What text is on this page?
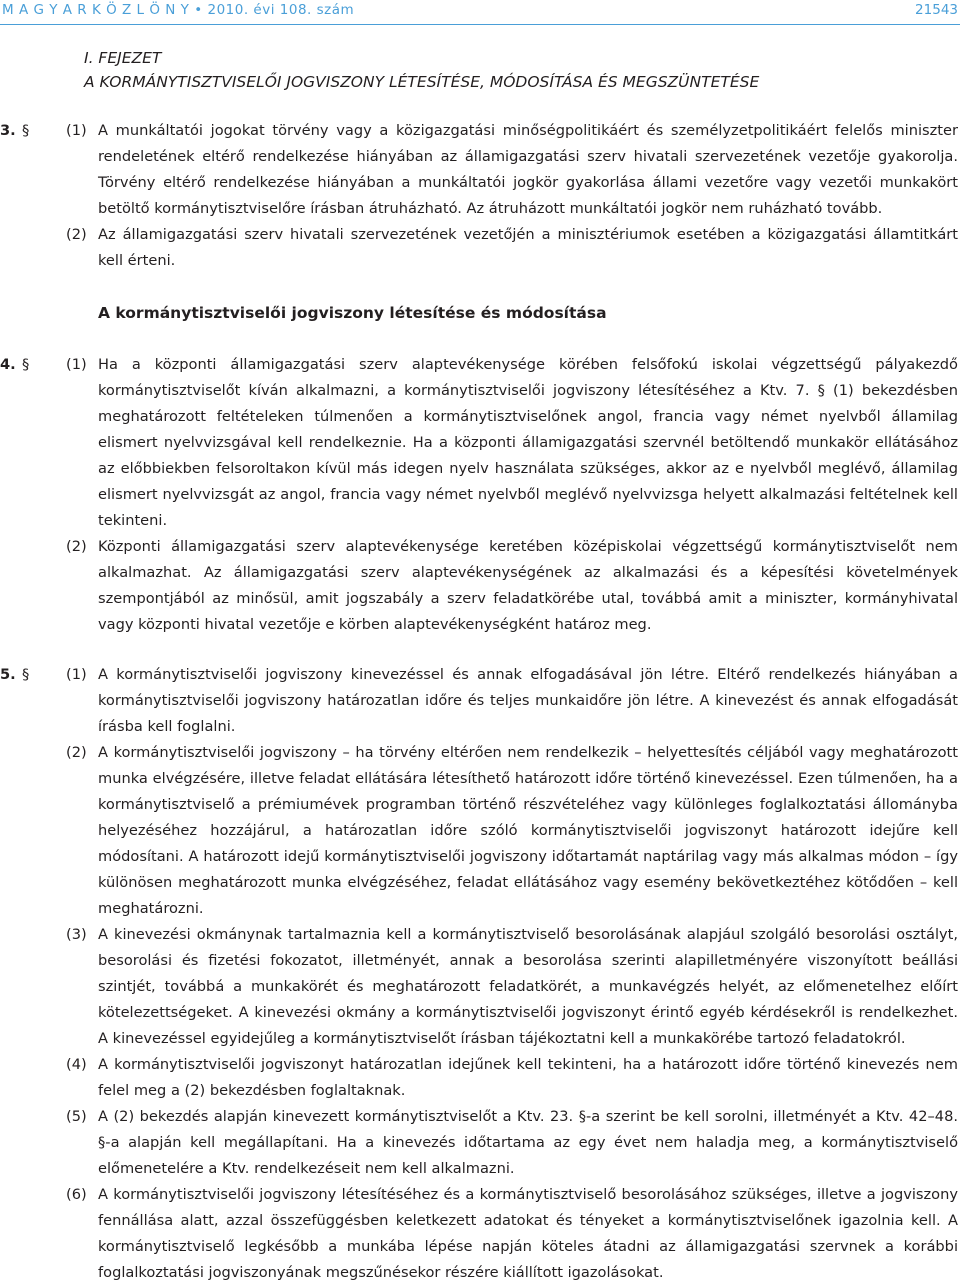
M A G Y A R K Ö Z L Ö N Y • 2010. évi 108. szám	21543
I. FEJEZET
A KORMÁNYTISZTVISELŐI JOGVISZONY LÉTESÍTÉSE, MÓDOSÍTÁSA ÉS MEGSZÜNTETÉSE
3. §	(1) A munkáltatói jogokat törvény vagy a közigazgatási minőségpolitikáért és személyzetpolitikáért felelős miniszter rendeletének eltérő rendelkezése hiányában az államigazgatási szerv hivatali szervezetének vezetője gyakorolja. Törvény eltérő rendelkezése hiányában a munkáltatói jogkör gyakorlása állami vezetőre vagy vezetői munkakört betöltő kormánytisztviselőre írásban átruházható. Az átruházott munkáltatói jogkör nem ruházható tovább.
(2) Az államigazgatási szerv hivatali szervezetének vezetőjén a minisztériumok esetében a közigazgatási államtitkárt kell érteni.
A kormánytisztviselői jogviszony létesítése és módosítása
4. §	(1) Ha a központi államigazgatási szerv alaptevékenysége körében felsőfokú iskolai végzettségű pályakezdő kormánytisztviselőt kíván alkalmazni, a kormánytisztviselői jogviszony létesítéséhez a Ktv. 7. § (1) bekezdésben meghatározott feltételeken túlmenően a kormánytisztviselőnek angol, francia vagy német nyelvből államilag elismert nyelvvizsgával kell rendelkeznie. Ha a központi államigazgatási szervnél betöltendő munkakör ellátásához az előbbiekben felsoroltakon kívül más idegen nyelv használata szükséges, akkor az e nyelvből meglévő, államilag elismert nyelvvizsgát az angol, francia vagy német nyelvből meglévő nyelvvizsga helyett alkalmazási feltételnek kell tekinteni.
(2) Központi államigazgatási szerv alaptevékenysége keretében középiskolai végzettségű kormánytisztviselőt nem alkalmazhat. Az államigazgatási szerv alaptevékenységének az alkalmazási és a képesítési követelmények szempontjából az minősül, amit jogszabály a szerv feladatkörébe utal, továbbá amit a miniszter, kormányhivatal vagy központi hivatal vezetője e körben alaptevékenységként határoz meg.
5. §	(1) A kormánytisztviselői jogviszony kinevezéssel és annak elfogadásával jön létre. Eltérő rendelkezés hiányában a kormánytisztviselői jogviszony határozatlan időre és teljes munkaidőre jön létre. A kinevezést és annak elfogadását írásba kell foglalni.
(2) A kormánytisztviselői jogviszony – ha törvény eltérően nem rendelkezik – helyettesítés céljából vagy meghatározott munka elvégzésére, illetve feladat ellátására létesíthető határozott időre történő kinevezéssel. Ezen túlmenően, ha a kormánytisztviselő a prémiumévek programban történő részvételéhez vagy különleges foglalkoztatási állományba helyezéséhez hozzájárul, a határozatlan időre szóló kormánytisztviselői jogviszonyt határozott idejűre kell módosítani. A határozott idejű kormánytisztviselői jogviszony időtartamát naptárilag vagy más alkalmas módon – így különösen meghatározott munka elvégzéséhez, feladat ellátásához vagy esemény bekövetkeztéhez kötődően – kell meghatározni.
(3) A kinevezési okmánynak tartalmaznia kell a kormánytisztviselő besorolásának alapjául szolgáló besorolási osztályt, besorolási és fizetési fokozatot, illetményét, annak a besorolása szerinti alapilletményére viszonyított beállási szintjét, továbbá a munkakörét és meghatározott feladatkörét, a munkavégzés helyét, az előmenetelhez előírt kötelezettségeket. A kinevezési okmány a kormánytisztviselői jogviszonyt érintő egyéb kérdésekről is rendelkezhet. A kinevezéssel egyidejűleg a kormánytisztviselőt írásban tájékoztatni kell a munkakörébe tartozó feladatokról.
(4) A kormánytisztviselői jogviszonyt határozatlan idejűnek kell tekinteni, ha a határozott időre történő kinevezés nem felel meg a (2) bekezdésben foglaltaknak.
(5) A (2) bekezdés alapján kinevezett kormánytisztviselőt a Ktv. 23. §-a szerint be kell sorolni, illetményét a Ktv. 42–48. §-a alapján kell megállapítani. Ha a kinevezés időtartama az egy évet nem haladja meg, a kormánytisztviselő előmenetelére a Ktv. rendelkezéseit nem kell alkalmazni.
(6) A kormánytisztviselői jogviszony létesítéséhez és a kormánytisztviselő besorolásához szükséges, illetve a jogviszony fennállása alatt, azzal összefüggésben keletkezett adatokat és tényeket a kormánytisztviselőnek igazolnia kell. A kormánytisztviselő legkésőbb a munkába lépése napján köteles átadni az államigazgatási szervnek a korábbi foglalkoztatási jogviszonyának megszűnésekor részére kiállított igazolásokat.
